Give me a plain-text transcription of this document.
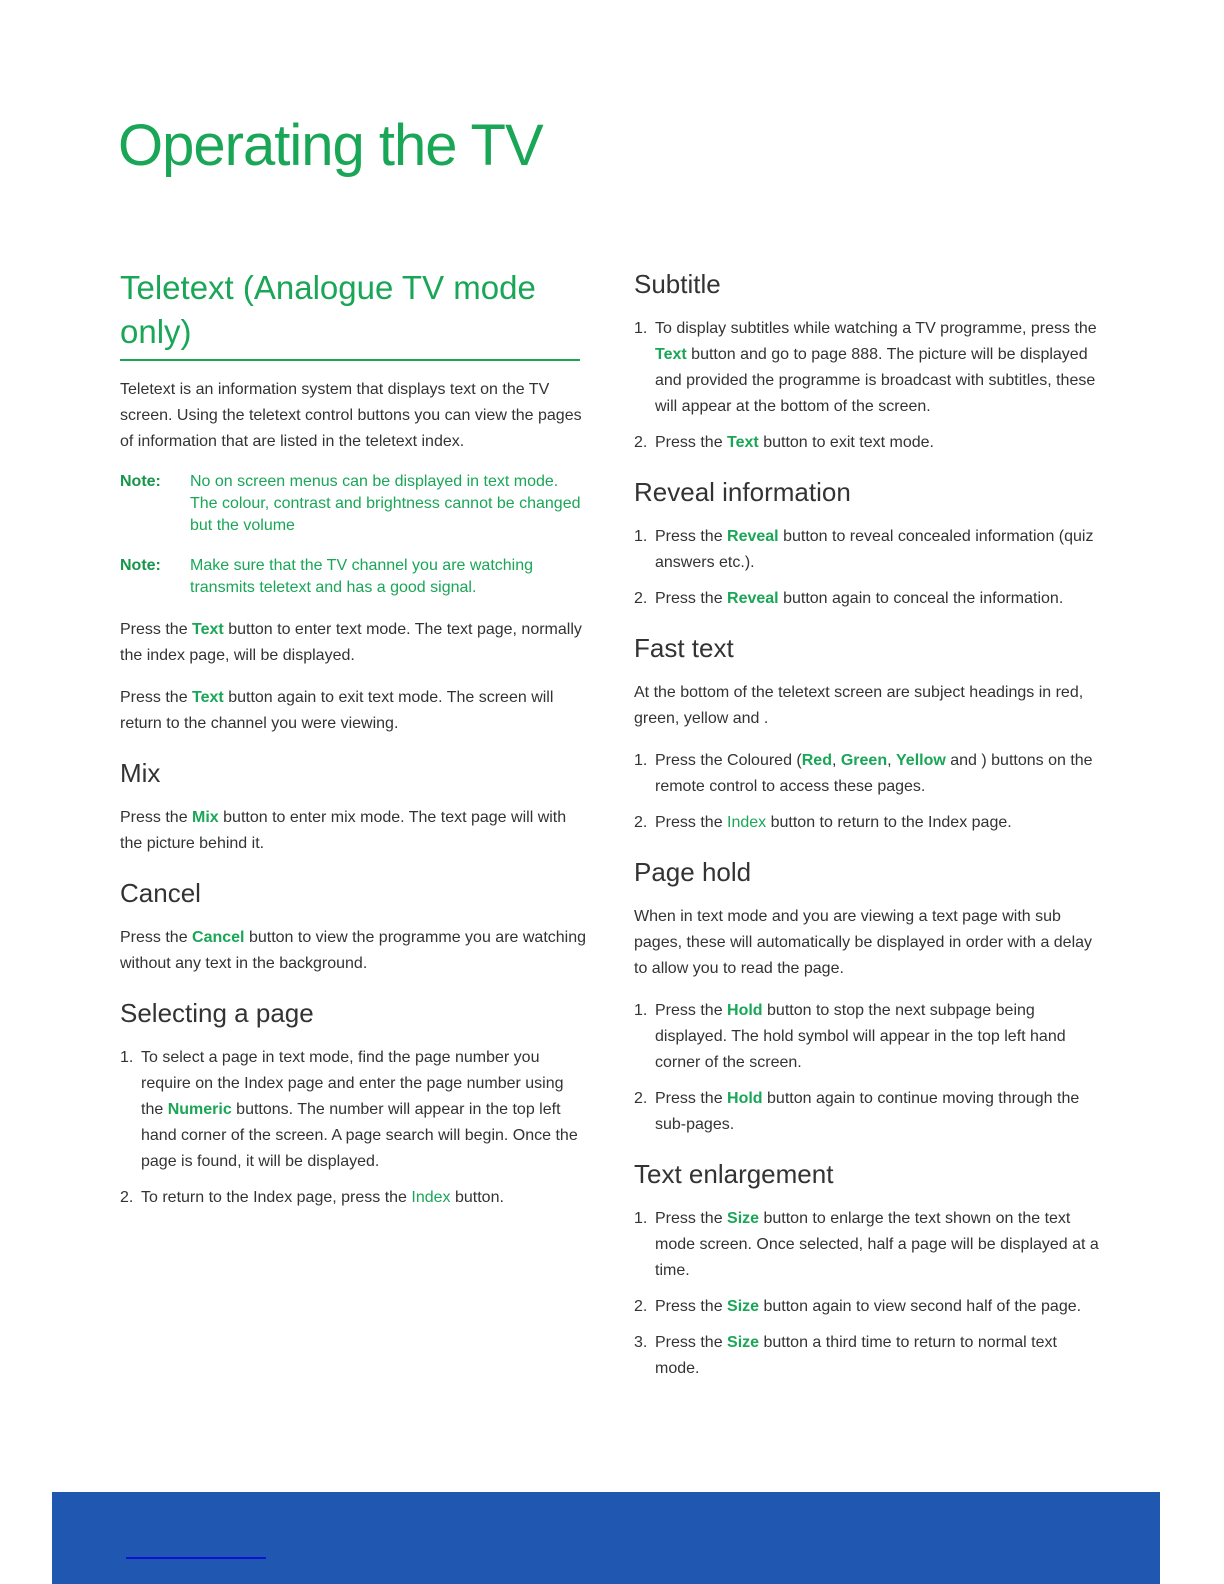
Operating the TV
Teletext (Analogue TV mode only)
Teletext is an information system that displays text on the TV screen. Using the teletext control buttons you can view the pages of information that are listed in the teletext index.
Note: No on screen menus can be displayed in text mode. The colour, contrast and brightness cannot be changed but the volume
Note: Make sure that the TV channel you are watching transmits teletext and has a good signal.
Press the Text button to enter text mode. The text page, normally the index page, will be displayed.
Press the Text button again to exit text mode. The screen will return to the channel you were viewing.
Mix
Press the Mix button to enter mix mode. The text page will with the picture behind it.
Cancel
Press the Cancel button to view the programme you are watching without any text in the background.
Selecting a page
1. To select a page in text mode, find the page number you require on the Index page and enter the page number using the Numeric buttons. The number will appear in the top left hand corner of the screen. A page search will begin. Once the page is found, it will be displayed.
2. To return to the Index page, press the Index button.
Subtitle
1. To display subtitles while watching a TV programme, press the Text button and go to page 888. The picture will be displayed and provided the programme is broadcast with subtitles, these will appear at the bottom of the screen.
2. Press the Text button to exit text mode.
Reveal information
1. Press the Reveal button to reveal concealed information (quiz answers etc.).
2. Press the Reveal button again to conceal the information.
Fast text
At the bottom of the teletext screen are subject headings in red, green, yellow and .
1. Press the Coloured (Red, Green, Yellow and ) buttons on the remote control to access these pages.
2. Press the Index button to return to the Index page.
Page hold
When in text mode and you are viewing a text page with sub pages, these will automatically be displayed in order with a delay to allow you to read the page.
1. Press the Hold button to stop the next subpage being displayed. The hold symbol will appear in the top left hand corner of the screen.
2. Press the Hold button again to continue moving through the sub-pages.
Text enlargement
1. Press the Size button to enlarge the text shown on the text mode screen. Once selected, half a page will be displayed at a time.
2. Press the Size button again to view second half of the page.
3. Press the Size button a third time to return to normal text mode.
